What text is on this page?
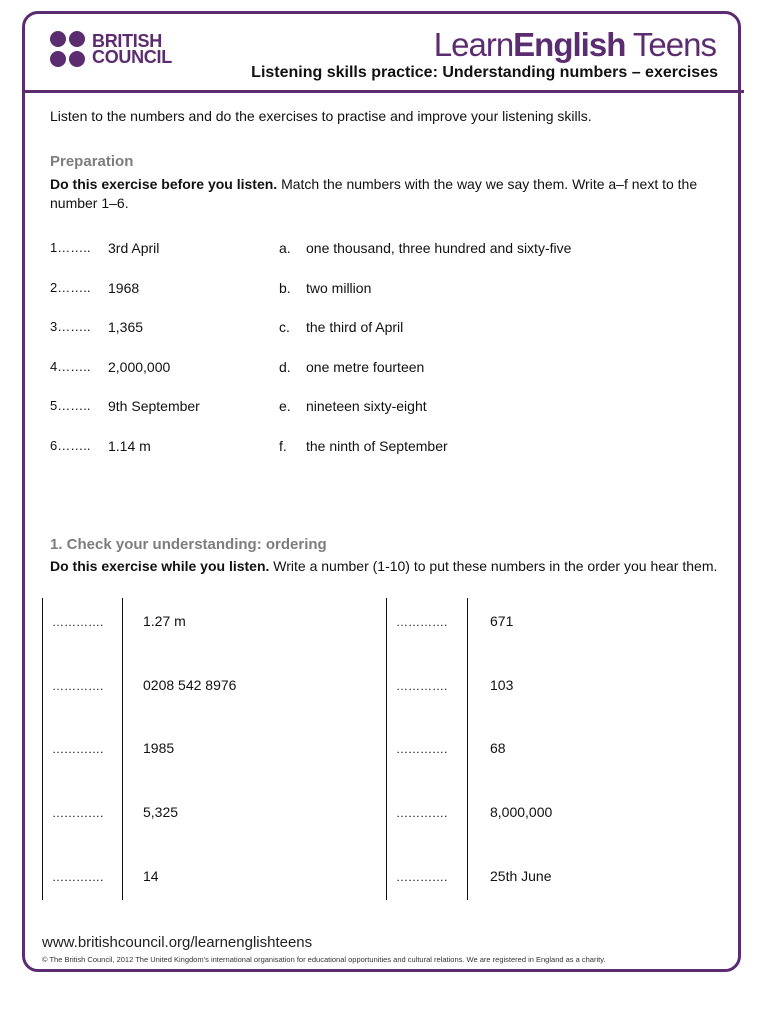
BRITISH
COUNCIL	LearnEnglish Teens
Listening skills practice: Understanding numbers – exercises
Listen to the numbers and do the exercises to practise and improve your listening skills.
Preparation
Do this exercise before you listen. Match the numbers with the way we say them. Write a–f next to the number 1–6.
1…….. 3rd April	a. one thousand, three hundred and sixty-five
2…….. 1968	b. two million
3…….. 1,365	c. the third of April
4…….. 2,000,000	d. one metre fourteen
5…….. 9th September	e. nineteen sixty-eight
6…….. 1.14 m	f. the ninth of September
1. Check your understanding: ordering
Do this exercise while you listen. Write a number (1-10) to put these numbers in the order you hear them.
………….	1.27 m
………….	0208 542 8976
………….	1985
………….	5,325
………….	14
………….	671
………….	103
………….	68
………….	8,000,000
………….	25th June
www.britishcouncil.org/learnenglishteens
© The British Council, 2012 The United Kingdom’s international organisation for educational opportunities and cultural relations. We are registered in England as a charity.
